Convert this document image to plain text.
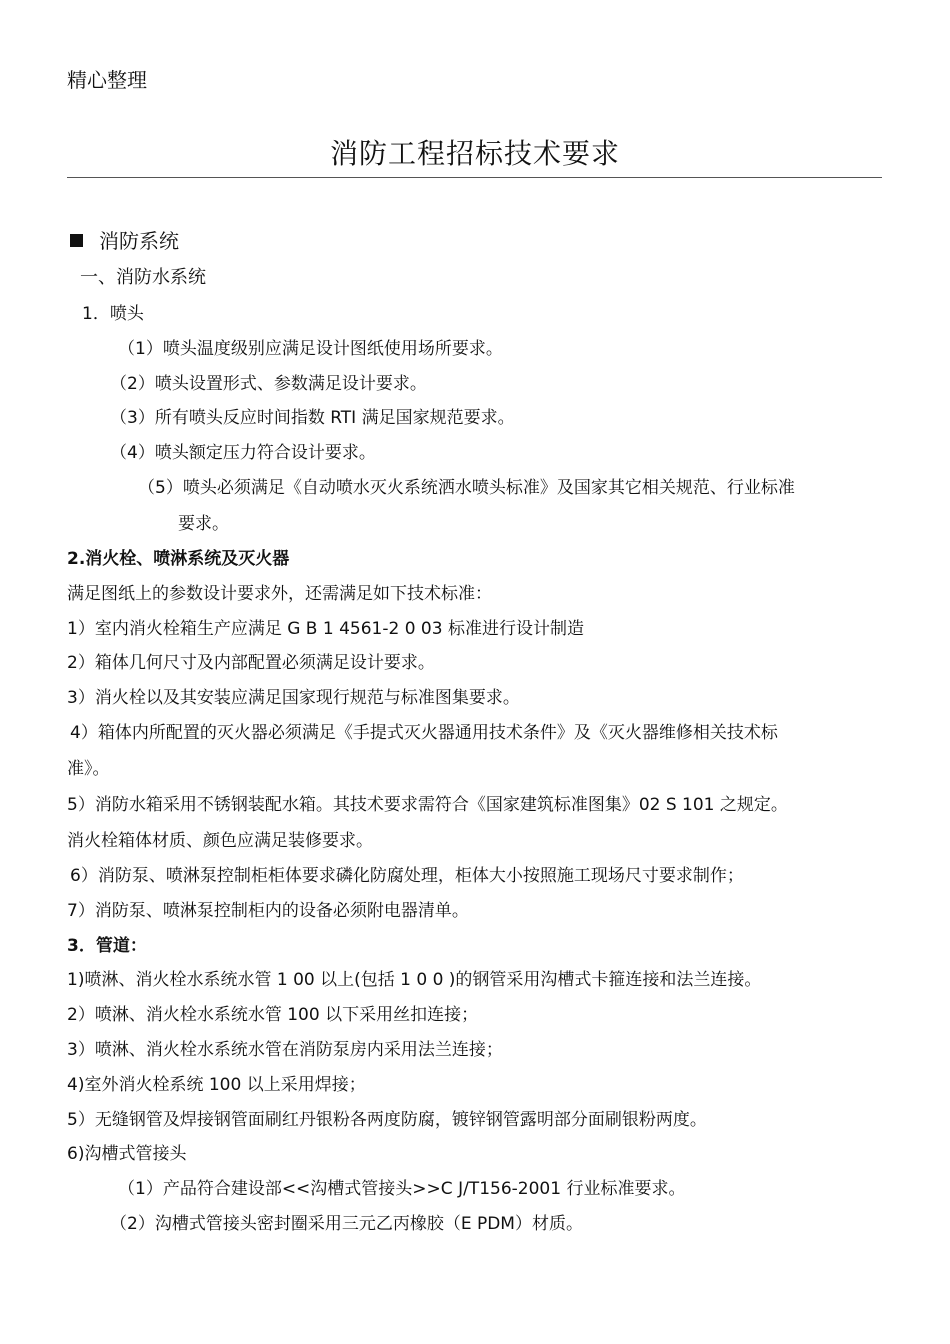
精心整理
消防工程招标技术要求
消防系统
一、消防水系统
1．喷头
（1）喷头温度级别应满足设计图纸使用场所要求。
（2）喷头设置形式、参数满足设计要求。
（3）所有喷头反应时间指数 RTI 满足国家规范要求。
（4）喷头额定压力符合设计要求。
（5）喷头必须满足《自动喷水灭火系统洒水喷头标准》及国家其它相关规范、行业标准
要求。
2.消火栓、喷淋系统及灭火器
满足图纸上的参数设计要求外，还需满足如下技术标准：
1）室内消火栓箱生产应满足 G B 1 4561-2 0 03 标准进行设计制造
2）箱体几何尺寸及内部配置必须满足设计要求。
3）消火栓以及其安装应满足国家现行规范与标准图集要求。
4）箱体内所配置的灭火器必须满足《手提式灭火器通用技术条件》及《灭火器维修相关技术标
准》。
5）消防水箱采用不锈钢装配水箱。其技术要求需符合《国家建筑标准图集》02 S 101 之规定。
消火栓箱体材质、颜色应满足装修要求。
6）消防泵、喷淋泵控制柜柜体要求磷化防腐处理，柜体大小按照施工现场尺寸要求制作；
7）消防泵、喷淋泵控制柜内的设备必须附电器清单。
3．管道：
1)喷淋、消火栓水系统水管 1 00 以上(包括 1 0 0 )的钢管采用沟槽式卡箍连接和法兰连接。
2）喷淋、消火栓水系统水管 100 以下采用丝扣连接；
3）喷淋、消火栓水系统水管在消防泵房内采用法兰连接；
4)室外消火栓系统 100 以上采用焊接；
5）无缝钢管及焊接钢管面刷红丹银粉各两度防腐，镀锌钢管露明部分面刷银粉两度。
6)沟槽式管接头
（1）产品符合建设部<<沟槽式管接头>>C J/T156-2001 行业标准要求。
（2）沟槽式管接头密封圈采用三元乙丙橡胶（E PDM）材质。
